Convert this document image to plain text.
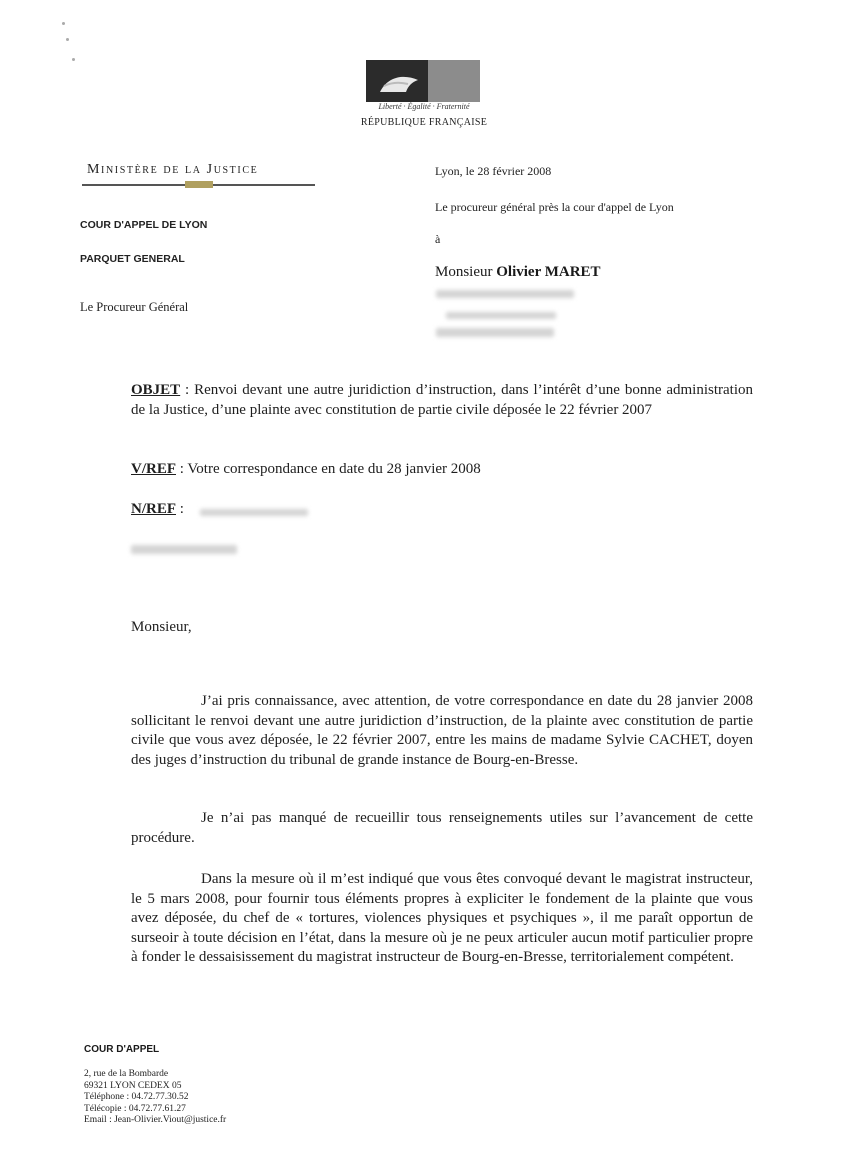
Liberté · Égalité · Fraternité
RÉPUBLIQUE FRANÇAISE
Ministère de la Justice
COUR D'APPEL DE LYON
PARQUET GENERAL
Le Procureur Général
Lyon, le 28 février 2008
Le procureur général près la cour d'appel de Lyon
à
Monsieur Olivier MARET
OBJET : Renvoi devant une autre juridiction d’instruction, dans l’intérêt d’une bonne administration de la Justice, d’une plainte avec constitution de partie civile déposée le 22 février 2007
V/REF : Votre correspondance en date du 28 janvier 2008
N/REF :
Monsieur,
J’ai pris connaissance, avec attention, de votre correspondance en date du 28 janvier 2008 sollicitant le renvoi devant une autre juridiction d’instruction, de la plainte avec constitution de partie civile que vous avez déposée, le 22 février 2007, entre les mains de madame Sylvie CACHET, doyen des juges d’instruction du tribunal de grande instance de Bourg-en-Bresse.
Je n’ai pas manqué de recueillir tous renseignements utiles sur l’avancement de cette procédure.
Dans la mesure où il m’est indiqué que vous êtes convoqué devant le magistrat instructeur, le 5 mars 2008, pour fournir tous éléments propres à expliciter le fondement de la plainte que vous avez déposée, du chef de « tortures, violences physiques et psychiques », il me paraît opportun de surseoir à toute décision en l’état, dans la mesure où je ne peux articuler aucun motif particulier propre à fonder le dessaisissement du magistrat instructeur de Bourg-en-Bresse, territorialement compétent.
COUR D'APPEL
2, rue de la Bombarde
69321 LYON CEDEX 05
Téléphone : 04.72.77.30.52
Télécopie : 04.72.77.61.27
Email : Jean-Olivier.Viout@justice.fr
